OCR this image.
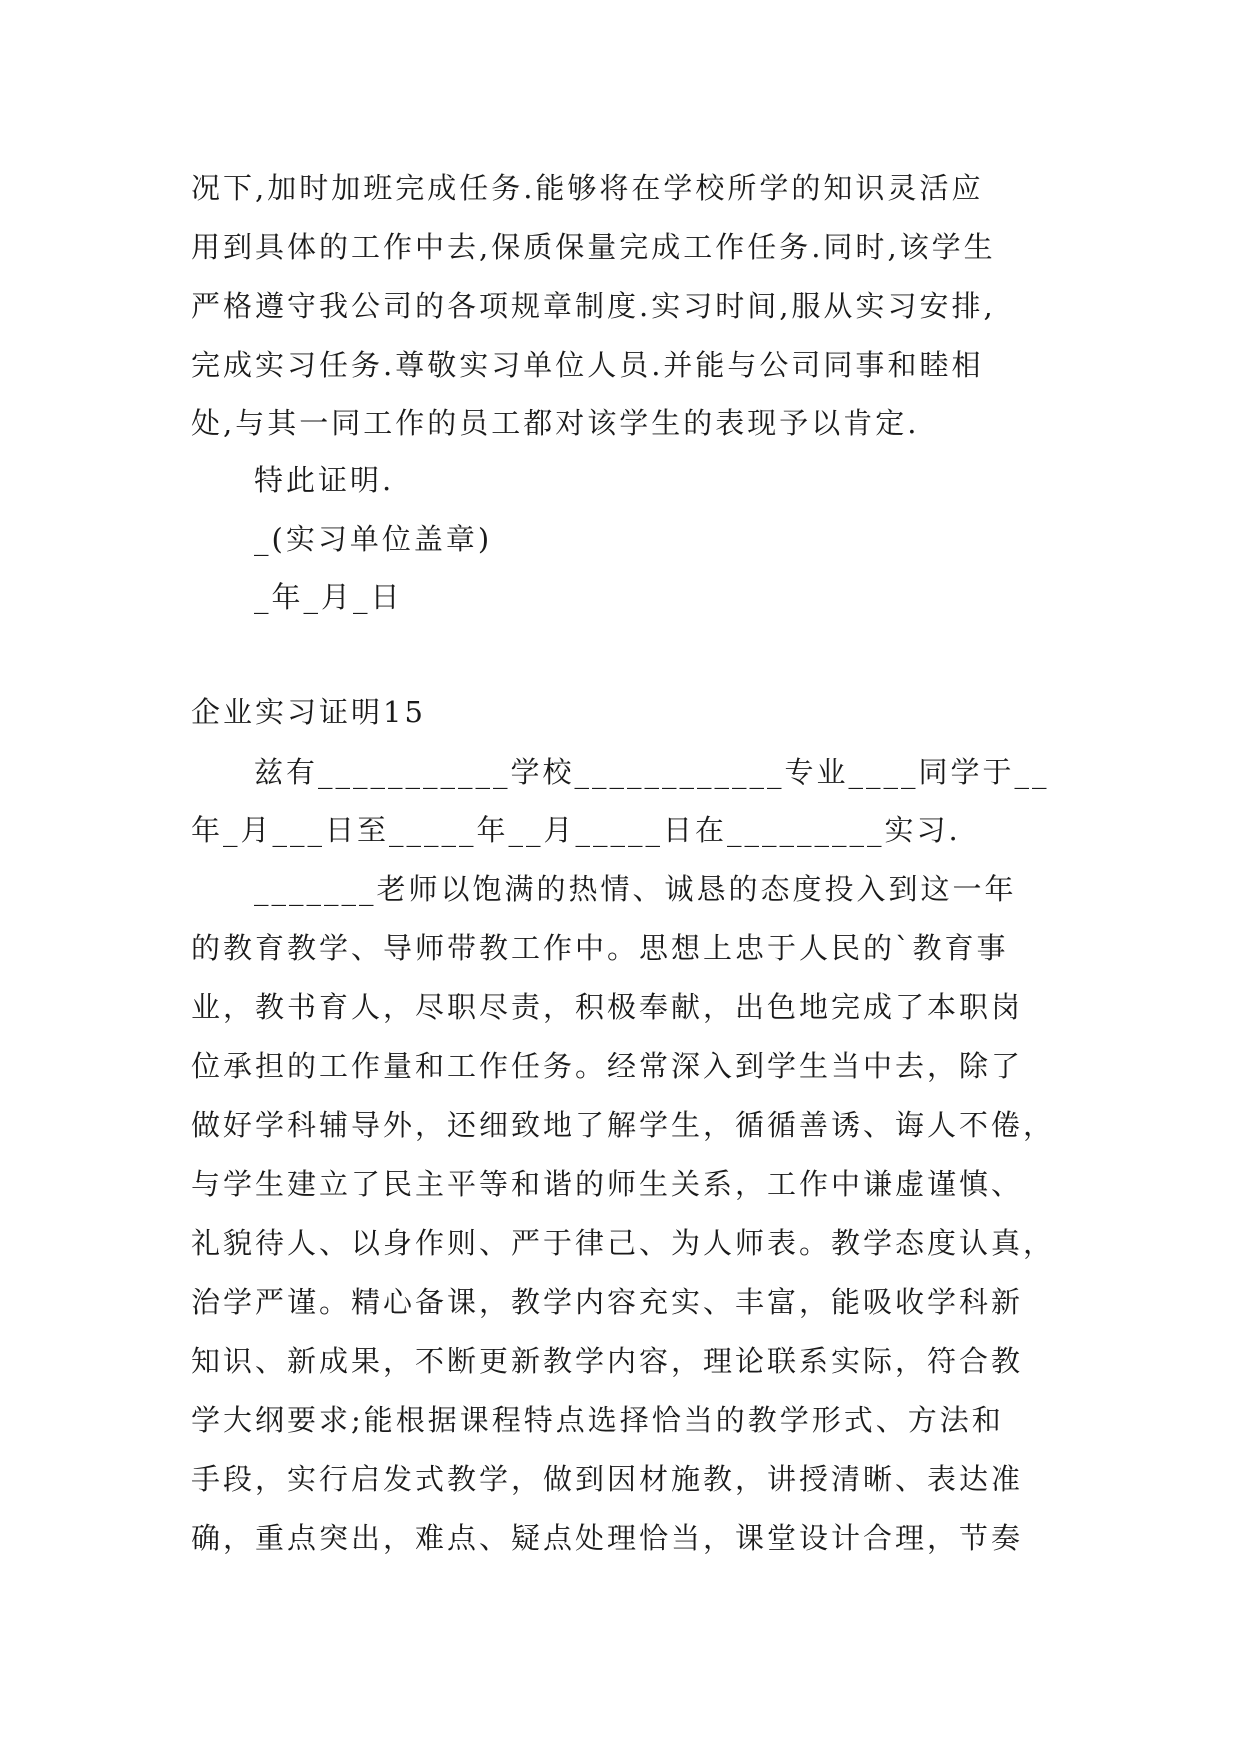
况下,加时加班完成任务.能够将在学校所学的知识灵活应
用到具体的工作中去,保质保量完成工作任务.同时,该学生
严格遵守我公司的各项规章制度.实习时间,服从实习安排,
完成实习任务.尊敬实习单位人员.并能与公司同事和睦相
处,与其一同工作的员工都对该学生的表现予以肯定.
特此证明.
_(实习单位盖章)
_年_月_日
企业实习证明15
兹有___________学校____________专业____同学于__
年_月___日至_____年__月_____日在_________实习.
_______老师以饱满的热情、诚恳的态度投入到这一年
的教育教学、导师带教工作中。思想上忠于人民的`教育事
业，教书育人，尽职尽责，积极奉献，出色地完成了本职岗
位承担的工作量和工作任务。经常深入到学生当中去，除了
做好学科辅导外，还细致地了解学生，循循善诱、诲人不倦，
与学生建立了民主平等和谐的师生关系，工作中谦虚谨慎、
礼貌待人、以身作则、严于律己、为人师表。教学态度认真，
治学严谨。精心备课，教学内容充实、丰富，能吸收学科新
知识、新成果，不断更新教学内容，理论联系实际，符合教
学大纲要求;能根据课程特点选择恰当的教学形式、方法和
手段，实行启发式教学，做到因材施教，讲授清晰、表达准
确，重点突出，难点、疑点处理恰当，课堂设计合理，节奏
